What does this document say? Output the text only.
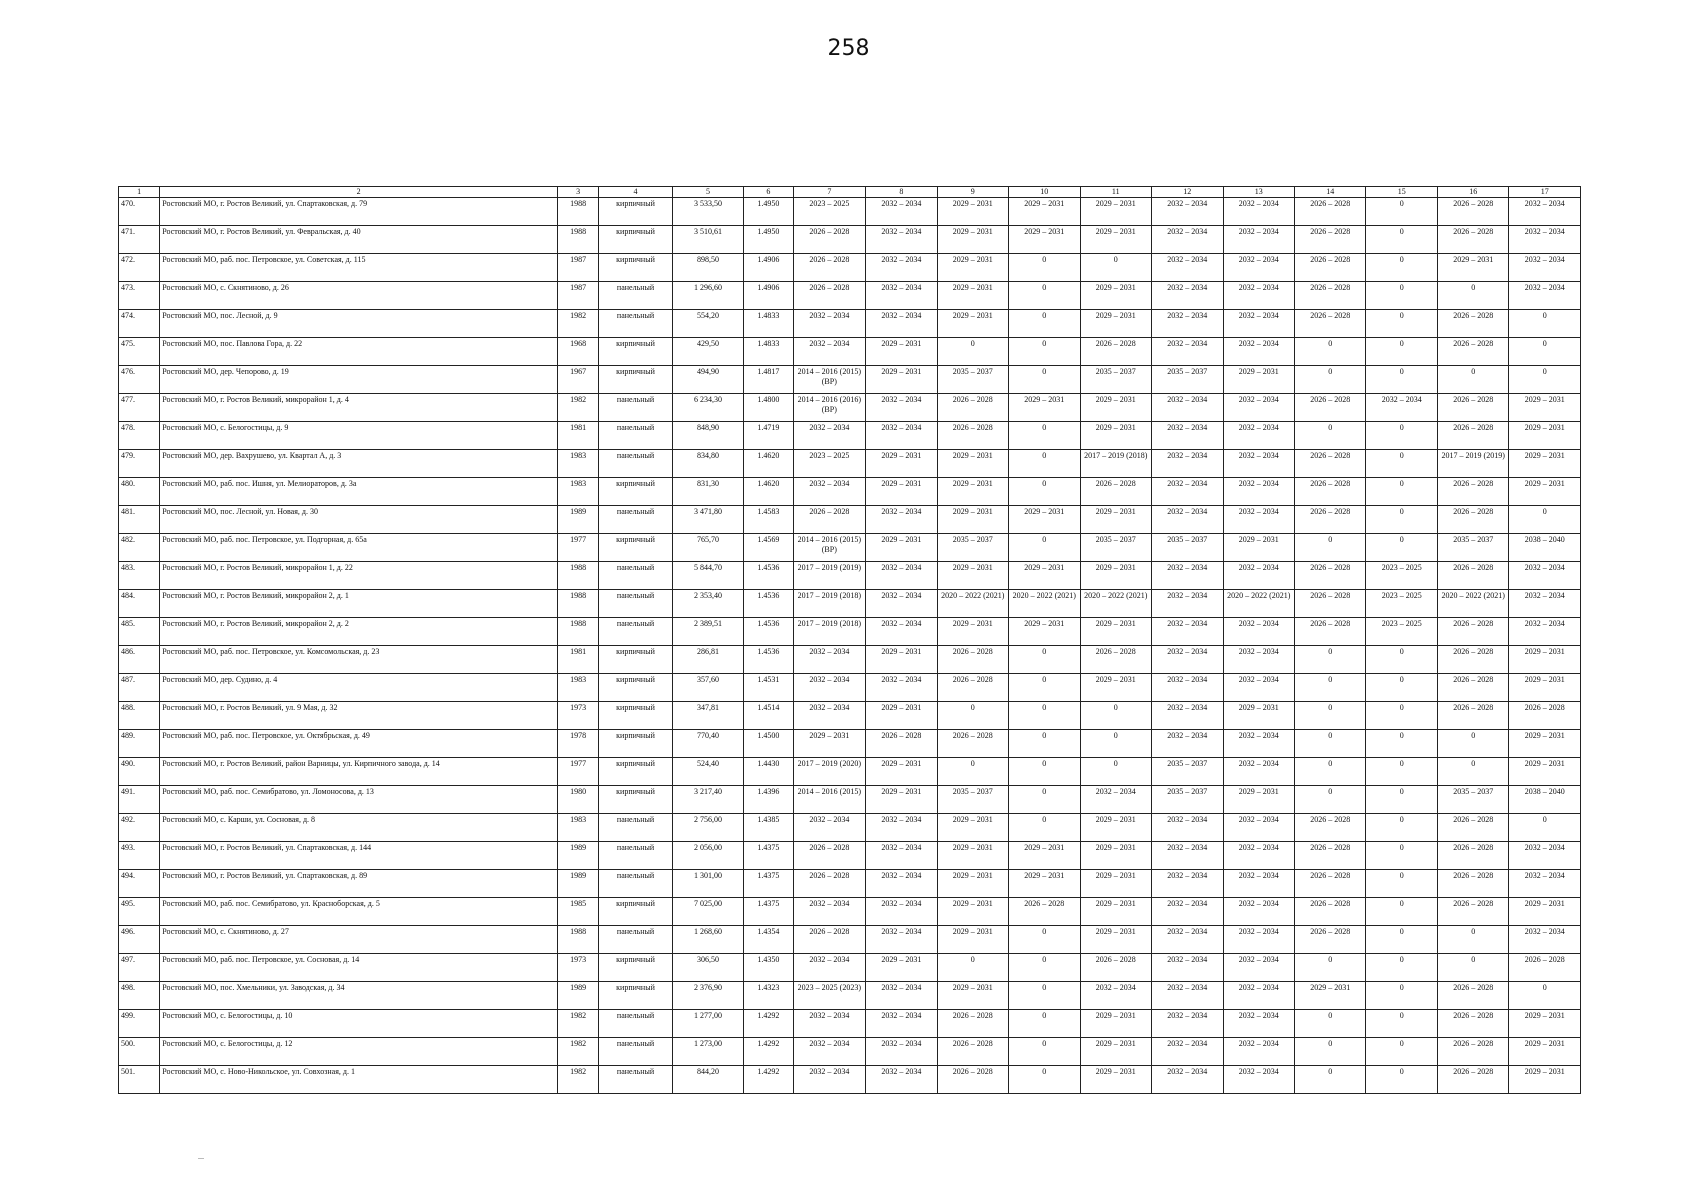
258
1	2	3	4	5	6	7	8	9	10	11	12	13	14	15	16	17
470.	Ростовский МО, г. Ростов Великий, ул. Спартаковская, д. 79	1988	кирпичный	3 533,50	1.4950	2023 – 2025	2032 – 2034	2029 – 2031	2029 – 2031	2029 – 2031	2032 – 2034	2032 – 2034	2026 – 2028	0	2026 – 2028	2032 – 2034
471.	Ростовский МО, г. Ростов Великий, ул. Февральская, д. 40	1988	кирпичный	3 510,61	1.4950	2026 – 2028	2032 – 2034	2029 – 2031	2029 – 2031	2029 – 2031	2032 – 2034	2032 – 2034	2026 – 2028	0	2026 – 2028	2032 – 2034
472.	Ростовский МО, раб. пос. Петровское, ул. Советская, д. 115	1987	кирпичный	898,50	1.4906	2026 – 2028	2032 – 2034	2029 – 2031	0	0	2032 – 2034	2032 – 2034	2026 – 2028	0	2029 – 2031	2032 – 2034
473.	Ростовский МО, с. Скнятиново, д. 26	1987	панельный	1 296,60	1.4906	2026 – 2028	2032 – 2034	2029 – 2031	0	2029 – 2031	2032 – 2034	2032 – 2034	2026 – 2028	0	0	2032 – 2034
474.	Ростовский МО, пос. Лесной, д. 9	1982	панельный	554,20	1.4833	2032 – 2034	2032 – 2034	2029 – 2031	0	2029 – 2031	2032 – 2034	2032 – 2034	2026 – 2028	0	2026 – 2028	0
475.	Ростовский МО, пос. Павлова Гора, д. 22	1968	кирпичный	429,50	1.4833	2032 – 2034	2029 – 2031	0	0	2026 – 2028	2032 – 2034	2032 – 2034	0	0	2026 – 2028	0
476.	Ростовский МО, дер. Чепорово, д. 19	1967	кирпичный	494,90	1.4817	2014 – 2016 (2015) (ВР)	2029 – 2031	2035 – 2037	0	2035 – 2037	2035 – 2037	2029 – 2031	0	0	0	0
477.	Ростовский МО, г. Ростов Великий, микрорайон 1, д. 4	1982	панельный	6 234,30	1.4800	2014 – 2016 (2016) (ВР)	2032 – 2034	2026 – 2028	2029 – 2031	2029 – 2031	2032 – 2034	2032 – 2034	2026 – 2028	2032 – 2034	2026 – 2028	2029 – 2031
478.	Ростовский МО, с. Белогостицы, д. 9	1981	панельный	848,90	1.4719	2032 – 2034	2032 – 2034	2026 – 2028	0	2029 – 2031	2032 – 2034	2032 – 2034	0	0	2026 – 2028	2029 – 2031
479.	Ростовский МО, дер. Вахрушево, ул. Квартал А, д. 3	1983	панельный	834,80	1.4620	2023 – 2025	2029 – 2031	2029 – 2031	0	2017 – 2019 (2018)	2032 – 2034	2032 – 2034	2026 – 2028	0	2017 – 2019 (2019)	2029 – 2031
480.	Ростовский МО, раб. пос. Ишня, ул. Мелиораторов, д. 3а	1983	кирпичный	831,30	1.4620	2032 – 2034	2029 – 2031	2029 – 2031	0	2026 – 2028	2032 – 2034	2032 – 2034	2026 – 2028	0	2026 – 2028	2029 – 2031
481.	Ростовский МО, пос. Лесной, ул. Новая, д. 30	1989	панельный	3 471,80	1.4583	2026 – 2028	2032 – 2034	2029 – 2031	2029 – 2031	2029 – 2031	2032 – 2034	2032 – 2034	2026 – 2028	0	2026 – 2028	0
482.	Ростовский МО, раб. пос. Петровское, ул. Подгорная, д. 65а	1977	кирпичный	765,70	1.4569	2014 – 2016 (2015) (ВР)	2029 – 2031	2035 – 2037	0	2035 – 2037	2035 – 2037	2029 – 2031	0	0	2035 – 2037	2038 – 2040
483.	Ростовский МО, г. Ростов Великий, микрорайон 1, д. 22	1988	панельный	5 844,70	1.4536	2017 – 2019 (2019)	2032 – 2034	2029 – 2031	2029 – 2031	2029 – 2031	2032 – 2034	2032 – 2034	2026 – 2028	2023 – 2025	2026 – 2028	2032 – 2034
484.	Ростовский МО, г. Ростов Великий, микрорайон 2, д. 1	1988	панельный	2 353,40	1.4536	2017 – 2019 (2018)	2032 – 2034	2020 – 2022 (2021)	2020 – 2022 (2021)	2020 – 2022 (2021)	2032 – 2034	2020 – 2022 (2021)	2026 – 2028	2023 – 2025	2020 – 2022 (2021)	2032 – 2034
485.	Ростовский МО, г. Ростов Великий, микрорайон 2, д. 2	1988	панельный	2 389,51	1.4536	2017 – 2019 (2018)	2032 – 2034	2029 – 2031	2029 – 2031	2029 – 2031	2032 – 2034	2032 – 2034	2026 – 2028	2023 – 2025	2026 – 2028	2032 – 2034
486.	Ростовский МО, раб. пос. Петровское, ул. Комсомольская, д. 23	1981	кирпичный	286,81	1.4536	2032 – 2034	2029 – 2031	2026 – 2028	0	2026 – 2028	2032 – 2034	2032 – 2034	0	0	2026 – 2028	2029 – 2031
487.	Ростовский МО, дер. Судино, д. 4	1983	кирпичный	357,60	1.4531	2032 – 2034	2032 – 2034	2026 – 2028	0	2029 – 2031	2032 – 2034	2032 – 2034	0	0	2026 – 2028	2029 – 2031
488.	Ростовский МО, г. Ростов Великий, ул. 9 Мая, д. 32	1973	кирпичный	347,81	1.4514	2032 – 2034	2029 – 2031	0	0	0	2032 – 2034	2029 – 2031	0	0	2026 – 2028	2026 – 2028
489.	Ростовский МО, раб. пос. Петровское, ул. Октябрьская, д. 49	1978	кирпичный	770,40	1.4500	2029 – 2031	2026 – 2028	2026 – 2028	0	0	2032 – 2034	2032 – 2034	0	0	0	2029 – 2031
490.	Ростовский МО, г. Ростов Великий, район Варницы, ул. Кирпичного завода, д. 14	1977	кирпичный	524,40	1.4430	2017 – 2019 (2020)	2029 – 2031	0	0	0	2035 – 2037	2032 – 2034	0	0	0	2029 – 2031
491.	Ростовский МО, раб. пос. Семибратово, ул. Ломоносова, д. 13	1980	кирпичный	3 217,40	1.4396	2014 – 2016 (2015)	2029 – 2031	2035 – 2037	0	2032 – 2034	2035 – 2037	2029 – 2031	0	0	2035 – 2037	2038 – 2040
492.	Ростовский МО, с. Карши, ул. Сосновая, д. 8	1983	панельный	2 756,00	1.4385	2032 – 2034	2032 – 2034	2029 – 2031	0	2029 – 2031	2032 – 2034	2032 – 2034	2026 – 2028	0	2026 – 2028	0
493.	Ростовский МО, г. Ростов Великий, ул. Спартаковская, д. 144	1989	панельный	2 056,00	1.4375	2026 – 2028	2032 – 2034	2029 – 2031	2029 – 2031	2029 – 2031	2032 – 2034	2032 – 2034	2026 – 2028	0	2026 – 2028	2032 – 2034
494.	Ростовский МО, г. Ростов Великий, ул. Спартаковская, д. 89	1989	панельный	1 301,00	1.4375	2026 – 2028	2032 – 2034	2029 – 2031	2029 – 2031	2029 – 2031	2032 – 2034	2032 – 2034	2026 – 2028	0	2026 – 2028	2032 – 2034
495.	Ростовский МО, раб. пос. Семибратово, ул. Красноборская, д. 5	1985	кирпичный	7 025,00	1.4375	2032 – 2034	2032 – 2034	2029 – 2031	2026 – 2028	2029 – 2031	2032 – 2034	2032 – 2034	2026 – 2028	0	2026 – 2028	2029 – 2031
496.	Ростовский МО, с. Скнятиново, д. 27	1988	панельный	1 268,60	1.4354	2026 – 2028	2032 – 2034	2029 – 2031	0	2029 – 2031	2032 – 2034	2032 – 2034	2026 – 2028	0	0	2032 – 2034
497.	Ростовский МО, раб. пос. Петровское, ул. Сосновая, д. 14	1973	кирпичный	306,50	1.4350	2032 – 2034	2029 – 2031	0	0	2026 – 2028	2032 – 2034	2032 – 2034	0	0	0	2026 – 2028
498.	Ростовский МО, пос. Хмельники, ул. Заводская, д. 34	1989	кирпичный	2 376,90	1.4323	2023 – 2025 (2023)	2032 – 2034	2029 – 2031	0	2032 – 2034	2032 – 2034	2032 – 2034	2029 – 2031	0	2026 – 2028	0
499.	Ростовский МО, с. Белогостицы, д. 10	1982	панельный	1 277,00	1.4292	2032 – 2034	2032 – 2034	2026 – 2028	0	2029 – 2031	2032 – 2034	2032 – 2034	0	0	2026 – 2028	2029 – 2031
500.	Ростовский МО, с. Белогостицы, д. 12	1982	панельный	1 273,00	1.4292	2032 – 2034	2032 – 2034	2026 – 2028	0	2029 – 2031	2032 – 2034	2032 – 2034	0	0	2026 – 2028	2029 – 2031
501.	Ростовский МО, с. Ново-Никольское, ул. Совхозная, д. 1	1982	панельный	844,20	1.4292	2032 – 2034	2032 – 2034	2026 – 2028	0	2029 – 2031	2032 – 2034	2032 – 2034	0	0	2026 – 2028	2029 – 2031
